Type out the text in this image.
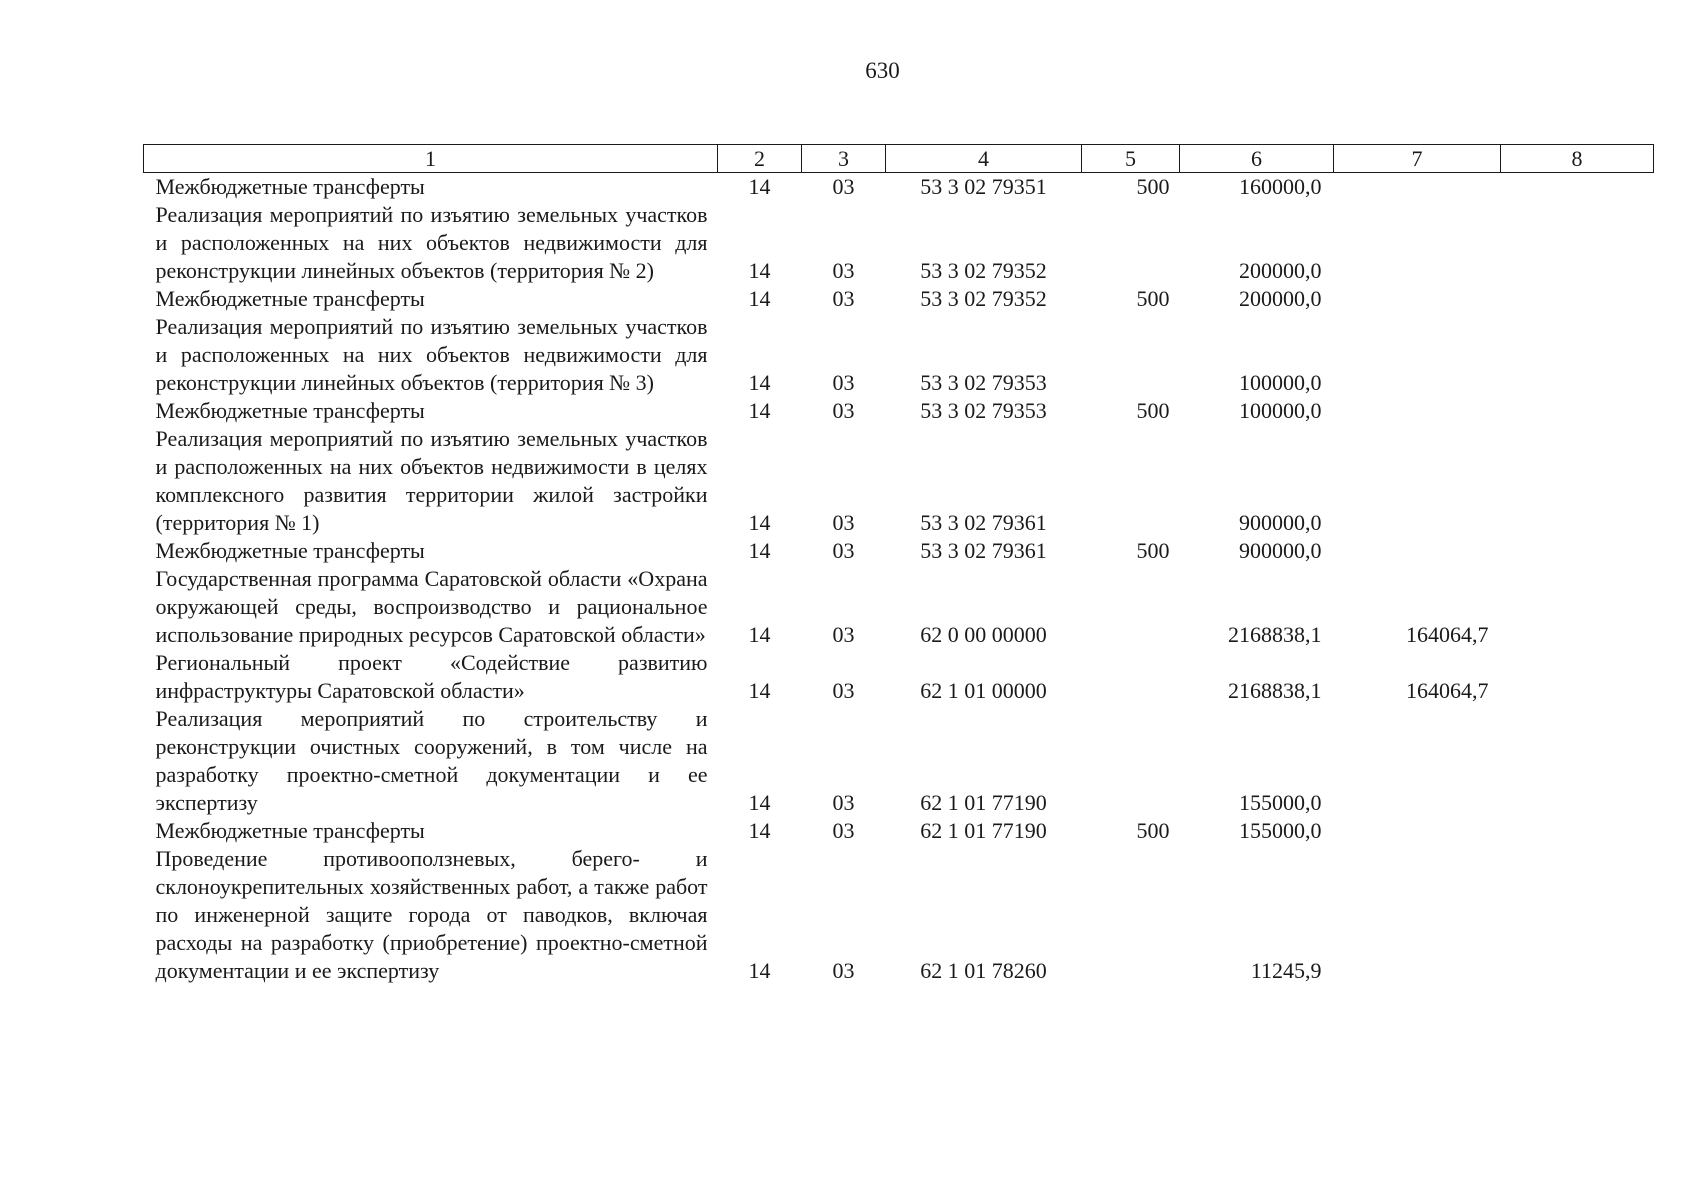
630
1	2	3	4	5	6	7	8
Межбюджетные трансферты	14	03	53 3 02 79351	500	160000,0		
Реализация мероприятий по изъятию земельных участков и расположенных на них объектов недвижимости для реконструкции линейных объектов (территория № 2)	14	03	53 3 02 79352		200000,0		
Межбюджетные трансферты	14	03	53 3 02 79352	500	200000,0		
Реализация мероприятий по изъятию земельных участков и расположенных на них объектов недвижимости для реконструкции линейных объектов (территория № 3)	14	03	53 3 02 79353		100000,0		
Межбюджетные трансферты	14	03	53 3 02 79353	500	100000,0		
Реализация мероприятий по изъятию земельных участков и расположенных на них объектов недвижимости в целях комплексного развития территории жилой застройки (территория № 1)	14	03	53 3 02 79361		900000,0		
Межбюджетные трансферты	14	03	53 3 02 79361	500	900000,0		
Государственная программа Саратовской области «Охрана окружающей среды, воспроизводство и рациональное использование природных ресурсов Саратовской области»	14	03	62 0 00 00000		2168838,1	164064,7	
Региональный проект «Содействие развитию инфраструктуры Саратовской области»	14	03	62 1 01 00000		2168838,1	164064,7	
Реализация мероприятий по строительству и реконструкции очистных сооружений, в том числе на разработку проектно-сметной документации и ее экспертизу	14	03	62 1 01 77190		155000,0		
Межбюджетные трансферты	14	03	62 1 01 77190	500	155000,0		
Проведение противооползневых, берего- и склоноукрепительных хозяйственных работ, а также работ по инженерной защите города от паводков, включая расходы на разработку (приобретение) проектно-сметной документации и ее экспертизу	14	03	62 1 01 78260		11245,9		
